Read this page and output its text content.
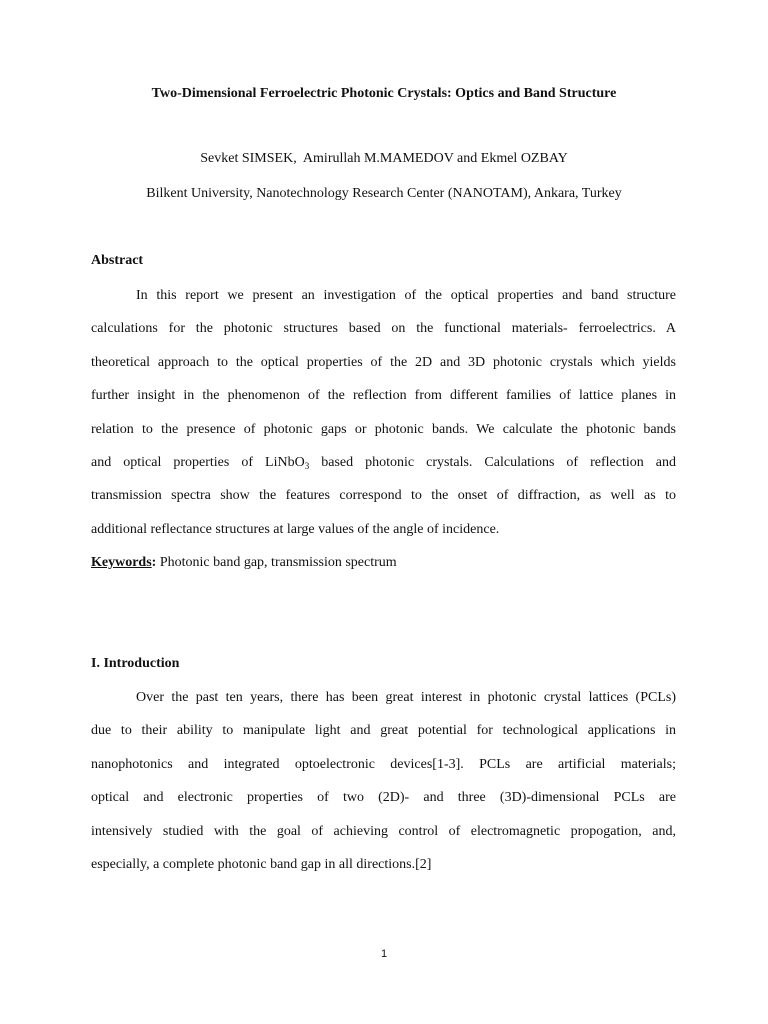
Two-Dimensional Ferroelectric Photonic Crystals: Optics and Band Structure
Sevket SIMSEK,  Amirullah M.MAMEDOV and Ekmel OZBAY
Bilkent University, Nanotechnology Research Center (NANOTAM), Ankara, Turkey
Abstract
In this report we present an investigation of the optical properties and band structure
calculations for the photonic structures based on the functional materials- ferroelectrics. A
theoretical approach to the optical properties of the 2D and 3D photonic crystals which yields
further insight in the phenomenon of the reflection from different families of lattice planes in
relation to the presence of photonic gaps or photonic bands. We calculate the photonic bands
and optical properties of LiNbO$_3$ based photonic crystals. Calculations of reflection and
transmission spectra show the features correspond to the onset of diffraction, as well as to
additional reflectance structures at large values of the angle of incidence.
Keywords: Photonic band gap, transmission spectrum
I. Introduction
Over the past ten years, there has been great interest in photonic crystal lattices (PCLs)
due to their ability to manipulate light and great potential for technological applications in
nanophotonics and integrated optoelectronic devices[1-3]. PCLs are artificial materials;
optical and electronic properties of two (2D)- and three (3D)-dimensional PCLs are
intensively studied with the goal of achieving control of electromagnetic propogation, and,
especially, a complete photonic band gap in all directions.[2]
1
